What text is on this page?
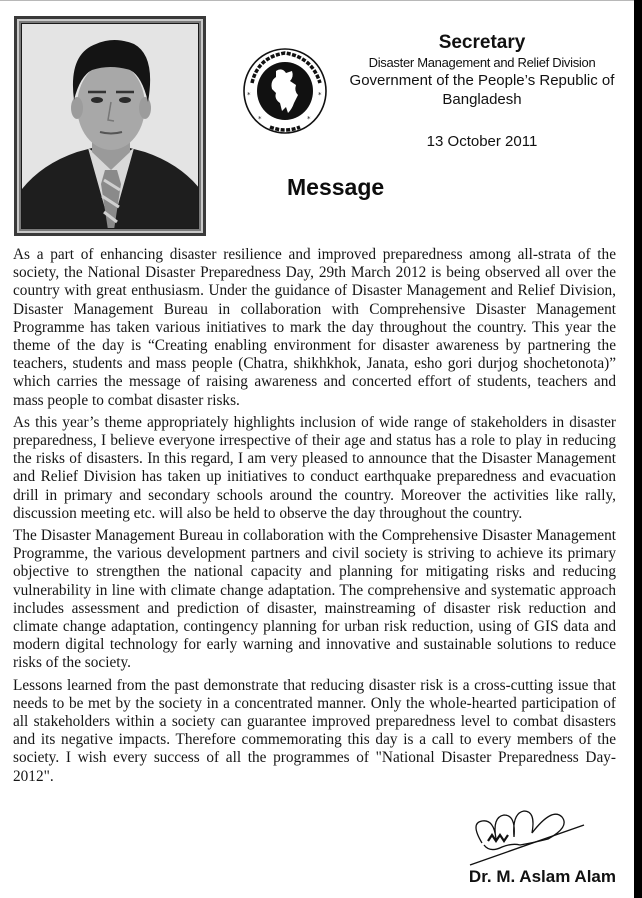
*	*
*	*

Secretary

Disaster Management and Relief Division

Government of the People’s Republic of

Bangladesh

13 October 2011
Message

As a part of enhancing disaster resilience and improved preparedness among all-strata of the society, the National Disaster Preparedness Day, 29th March 2012 is being observed all over the country with great enthusiasm. Under the guidance of Disaster Management and Relief Division, Disaster Management Bureau in collaboration with Comprehensive Disaster Management Programme has taken various initiatives to mark the day throughout the country. This year the theme of the day is “Creating enabling environment for disaster awareness by partnering the teachers, students and mass people (Chatra, shikhkhok, Janata, esho gori durjog shochetonota)” which carries the message of raising awareness and concerted effort of students, teachers and mass people to combat disaster risks.

As this year’s theme appropriately highlights inclusion of wide range of stakeholders in disaster preparedness, I believe everyone irrespective of their age and status has a role to play in reducing the risks of disasters. In this regard, I am very pleased to announce that the Disaster Management and Relief Division has taken up initiatives to conduct earthquake preparedness and evacuation drill in primary and secondary schools around the country. Moreover the activities like rally, discussion meeting etc. will also be held to observe the day throughout the country.

The Disaster Management Bureau in collaboration with the Comprehensive Disaster Management Programme, the various development partners and civil society is striving to achieve its primary objective to strengthen the national capacity and planning for mitigating risks and reducing vulnerability in line with climate change adaptation. The comprehensive and systematic approach includes assessment and prediction of disaster, mainstreaming of disaster risk reduction and climate change adaptation, contingency planning for urban risk reduction, using of GIS data and modern digital technology for early warning and innovative and sustainable solutions to reduce risks of the society.

Lessons learned from the past demonstrate that reducing disaster risk is a cross-cutting issue that needs to be met by the society in a concentrated manner. Only the whole-hearted participation of all stakeholders within a society can guarantee improved preparedness level to combat disasters and its negative impacts. Therefore commemorating this day is a call to every members of the society. I wish every success of all the programmes of "National Disaster Preparedness Day-2012".

Dr. M. Aslam Alam
